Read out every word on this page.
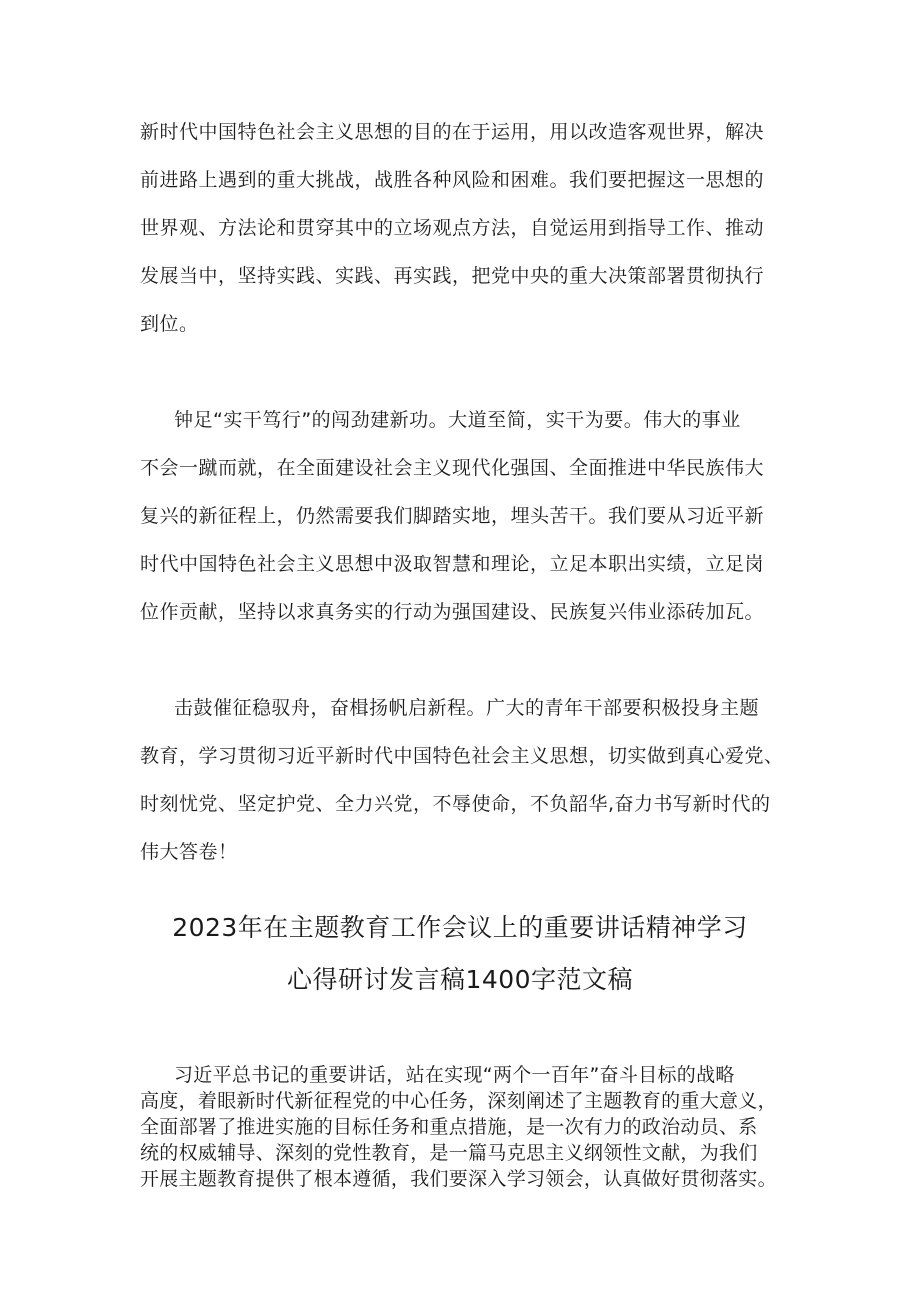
新时代中国特色社会主义思想的目的在于运用，用以改造客观世界，解决
前进路上遇到的重大挑战，战胜各种风险和困难。我们要把握这一思想的
世界观、方法论和贯穿其中的立场观点方法，自觉运用到指导工作、推动
发展当中，坚持实践、实践、再实践，把党中央的重大决策部署贯彻执行
到位。
钟足“实干笃行”的闯劲建新功。大道至简，实干为要。伟大的事业
不会一蹴而就，在全面建设社会主义现代化强国、全面推进中华民族伟大
复兴的新征程上，仍然需要我们脚踏实地，埋头苦干。我们要从习近平新
时代中国特色社会主义思想中汲取智慧和理论，立足本职出实绩，立足岗
位作贡献，坚持以求真务实的行动为强国建设、民族复兴伟业添砖加瓦。
击鼓催征稳驭舟，奋楫扬帆启新程。广大的青年干部要积极投身主题
教育，学习贯彻习近平新时代中国特色社会主义思想，切实做到真心爱党、
时刻忧党、坚定护党、全力兴党，不辱使命，不负韶华,奋力书写新时代的
伟大答卷！
2023年在主题教育工作会议上的重要讲话精神学习
心得研讨发言稿1400字范文稿
习近平总书记的重要讲话，站在实现“两个一百年”奋斗目标的战略
高度，着眼新时代新征程党的中心任务，深刻阐述了主题教育的重大意义，
全面部署了推进实施的目标任务和重点措施，是一次有力的政治动员、系
统的权威辅导、深刻的党性教育，是一篇马克思主义纲领性文献，为我们
开展主题教育提供了根本遵循，我们要深入学习领会，认真做好贯彻落实。
